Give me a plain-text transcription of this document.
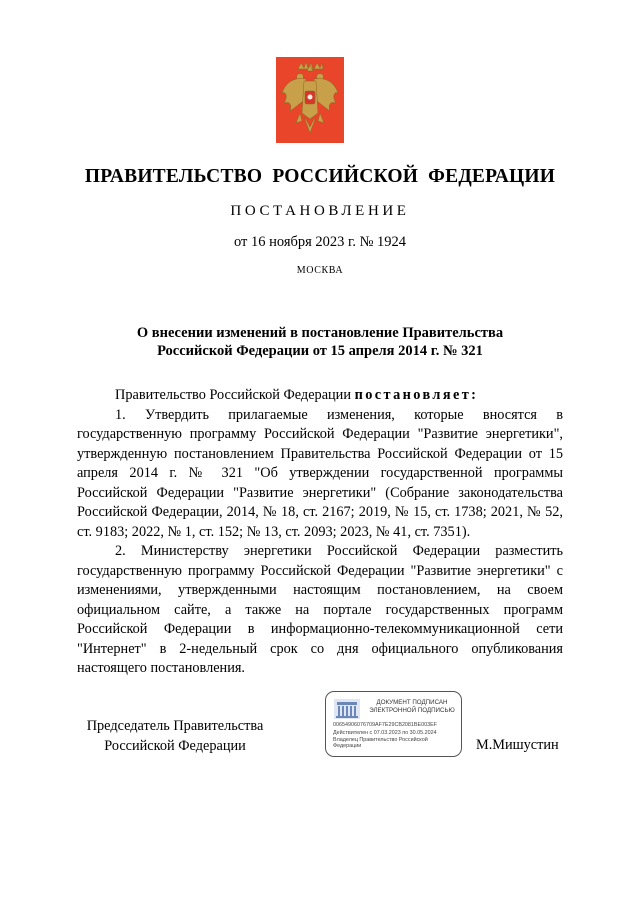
ПРАВИТЕЛЬСТВО РОССИЙСКОЙ ФЕДЕРАЦИИ
ПОСТАНОВЛЕНИЕ
от 16 ноября 2023 г. № 1924
МОСКВА
О внесении изменений в постановление Правительства
Российской Федерации от 15 апреля 2014 г. № 321

Правительство Российской Федерации постановляет:

1. Утвердить прилагаемые изменения, которые вносятся в государственную программу Российской Федерации "Развитие энергетики", утвержденную постановлением Правительства Российской Федерации от 15 апреля 2014 г. № 321 "Об утверждении государственной программы Российской Федерации "Развитие энергетики" (Собрание законодательства Российской Федерации, 2014, № 18, ст. 2167; 2019, № 15, ст. 1738; 2021, № 52, ст. 9183; 2022, № 1, ст. 152; № 13, ст. 2093; 2023, № 41, ст. 7351).

2. Министерству энергетики Российской Федерации разместить государственную программу Российской Федерации "Развитие энергетики" с изменениями, утвержденными настоящим постановлением, на своем официальном сайте, а также на портале государственных программ Российской Федерации в информационно-телекоммуникационной сети "Интернет" в 2-недельный срок со дня официального опубликования настоящего постановления.

Председатель Правительства
Российской Федерации
ДОКУМЕНТ ПОДПИСАН
ЭЛЕКТРОННОЙ ПОДПИСЬЮ
00654906076709AF7E29CB2081BE003EF
Действителен с 07.03.2023 по 30.05.2024
Владелец Правительство Российской
Федерации	М.Мишустин
